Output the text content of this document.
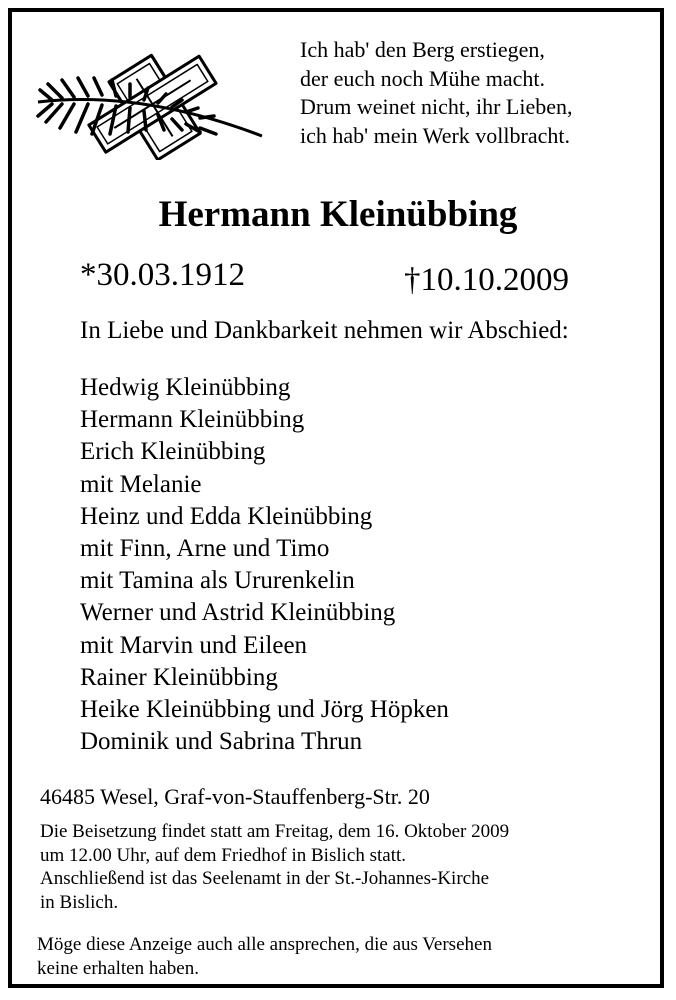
Ich hab' den Berg erstiegen,
der euch noch Mühe macht.
Drum weinet nicht, ihr Lieben,
ich hab' mein Werk vollbracht.
Hermann Kleinübbing
*30.03.1912	†10.10.2009
In Liebe und Dankbarkeit nehmen wir Abschied:
Hedwig Kleinübbing
Hermann Kleinübbing
Erich Kleinübbing
mit Melanie
Heinz und Edda Kleinübbing
mit Finn, Arne und Timo
mit Tamina als Ururenkelin
Werner und Astrid Kleinübbing
mit Marvin und Eileen
Rainer Kleinübbing
Heike Kleinübbing und Jörg Höpken
Dominik und Sabrina Thrun
46485 Wesel, Graf-von-Stauffenberg-Str. 20
Die Beisetzung findet statt am Freitag, dem 16. Oktober 2009
um 12.00 Uhr, auf dem Friedhof in Bislich statt.
Anschließend ist das Seelenamt in der St.-Johannes-Kirche
in Bislich.
Möge diese Anzeige auch alle ansprechen, die aus Versehen
keine erhalten haben.
